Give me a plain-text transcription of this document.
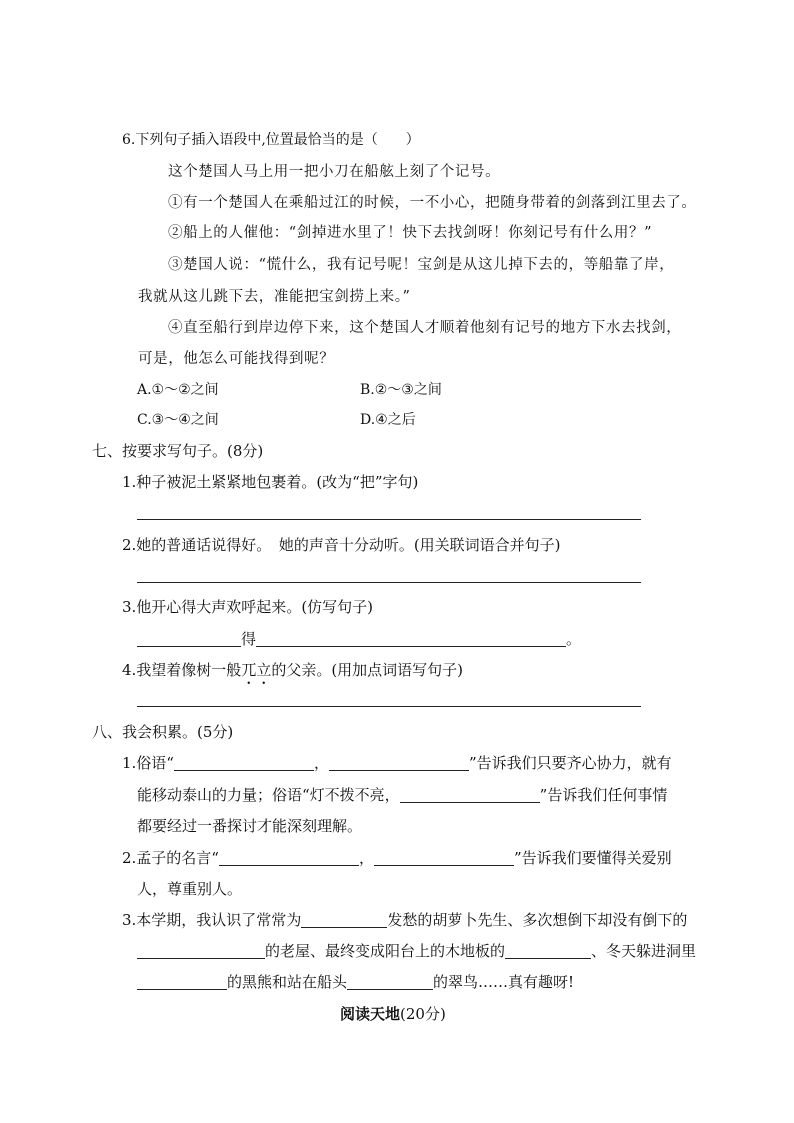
6.下列句子插入语段中,位置最恰当的是（　　）
这个楚国人马上用一把小刀在船舷上刻了个记号。
①有一个楚国人在乘船过江的时候，一不小心，把随身带着的剑落到江里去了。
②船上的人催他：“剑掉进水里了！快下去找剑呀！你刻记号有什么用？”
③楚国人说：“慌什么，我有记号呢！宝剑是从这儿掉下去的，等船靠了岸，
我就从这儿跳下去，准能把宝剑捞上来。”
④直至船行到岸边停下来，这个楚国人才顺着他刻有记号的地方下水去找剑，
可是，他怎么可能找得到呢？
A.①～②之间	B.②～③之间
C.③～④之间	D.④之后
七、按要求写句子。(8分)
1.种子被泥土紧紧地包裹着。(改为“把”字句)
2.她的普通话说得好。　她的声音十分动听。(用关联词语合并句子)
3.他开心得大声欢呼起来。(仿写句子)
得	。
4.我望着像树一般兀立的父亲。(用加点词语写句子)
八、我会积累。(5分)
1.俗语“	，	”告诉我们只要齐心协力，就有
能移动泰山的力量；俗语“灯不拨不亮，	”告诉我们任何事情
都要经过一番探讨才能深刻理解。
2.孟子的名言“	，	”告诉我们要懂得关爱别
人，尊重别人。
3.本学期，我认识了常常为	发愁的胡萝卜先生、多次想倒下却没有倒下的
的老屋、最终变成阳台上的木地板的	、冬天躲进洞里
的黑熊和站在船头	的翠鸟……真有趣呀!
阅读天地(20分)
